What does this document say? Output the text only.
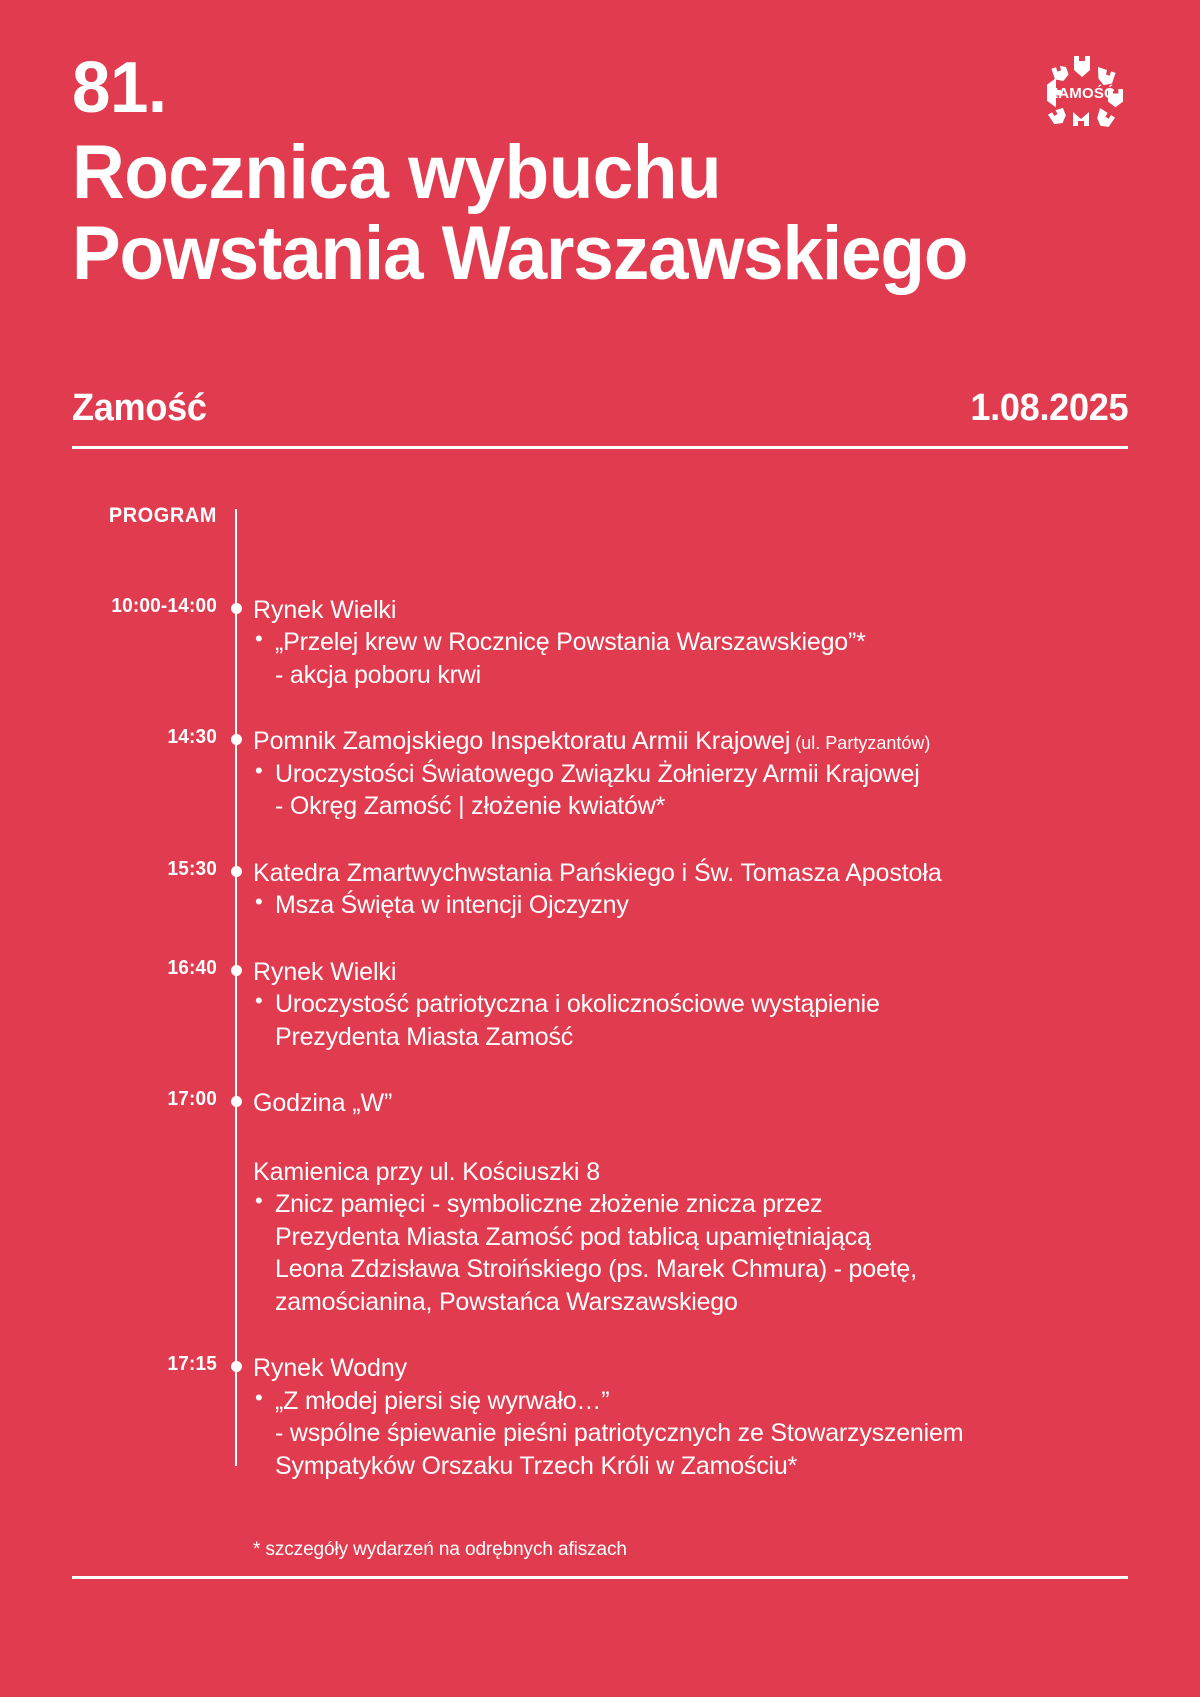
81.
Rocznica wybuchu
Powstania Warszawskiego
ZAMOŚĆ
Zamość	1.08.2025
PROGRAM
10:00-14:00 Rynek Wielki
• „Przelej krew w Rocznicę Powstania Warszawskiego”*
- akcja poboru krwi
14:30 Pomnik Zamojskiego Inspektoratu Armii Krajowej (ul. Partyzantów)
• Uroczystości Światowego Związku Żołnierzy Armii Krajowej
- Okręg Zamość | złożenie kwiatów*
15:30 Katedra Zmartwychwstania Pańskiego i Św. Tomasza Apostoła
• Msza Święta w intencji Ojczyzny
16:40 Rynek Wielki
• Uroczystość patriotyczna i okolicznościowe wystąpienie
Prezydenta Miasta Zamość
17:00 Godzina „W”
Kamienica przy ul. Kościuszki 8
• Znicz pamięci - symboliczne złożenie znicza przez
Prezydenta Miasta Zamość pod tablicą upamiętniającą
Leona Zdzisława Stroińskiego (ps. Marek Chmura) - poetę,
zamościanina, Powstańca Warszawskiego
17:15 Rynek Wodny
• „Z młodej piersi się wyrwało…”
- wspólne śpiewanie pieśni patriotycznych ze Stowarzyszeniem
Sympatyków Orszaku Trzech Króli w Zamościu*
* szczegóły wydarzeń na odrębnych afiszach
